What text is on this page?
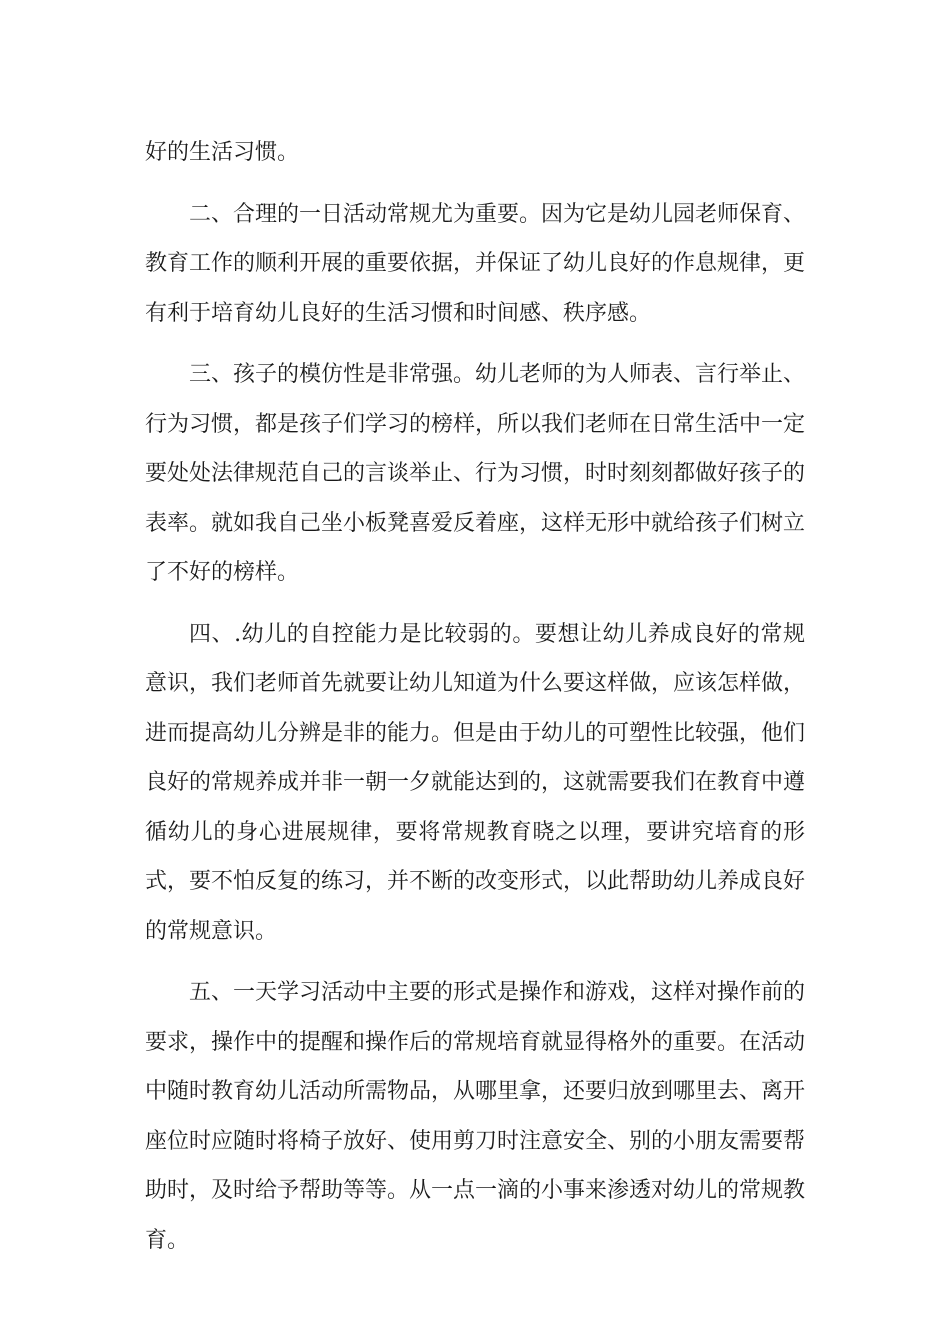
好的生活习惯。

二、合理的一日活动常规尤为重要。因为它是幼儿园老师保育、教育工作的顺利开展的重要依据，并保证了幼儿良好的作息规律，更有利于培育幼儿良好的生活习惯和时间感、秩序感。

三、孩子的模仿性是非常强。幼儿老师的为人师表、言行举止、行为习惯，都是孩子们学习的榜样，所以我们老师在日常生活中一定要处处法律规范自己的言谈举止、行为习惯，时时刻刻都做好孩子的表率。就如我自己坐小板凳喜爱反着座，这样无形中就给孩子们树立了不好的榜样。

四、.幼儿的自控能力是比较弱的。要想让幼儿养成良好的常规意识，我们老师首先就要让幼儿知道为什么要这样做，应该怎样做，进而提高幼儿分辨是非的能力。但是由于幼儿的可塑性比较强，他们良好的常规养成并非一朝一夕就能达到的，这就需要我们在教育中遵循幼儿的身心进展规律，要将常规教育晓之以理，要讲究培育的形式，要不怕反复的练习，并不断的改变形式，以此帮助幼儿养成良好的常规意识。

五、一天学习活动中主要的形式是操作和游戏，这样对操作前的要求，操作中的提醒和操作后的常规培育就显得格外的重要。在活动中随时教育幼儿活动所需物品，从哪里拿，还要归放到哪里去、离开座位时应随时将椅子放好、使用剪刀时注意安全、别的小朋友需要帮助时，及时给予帮助等等。从一点一滴的小事来渗透对幼儿的常规教育。
